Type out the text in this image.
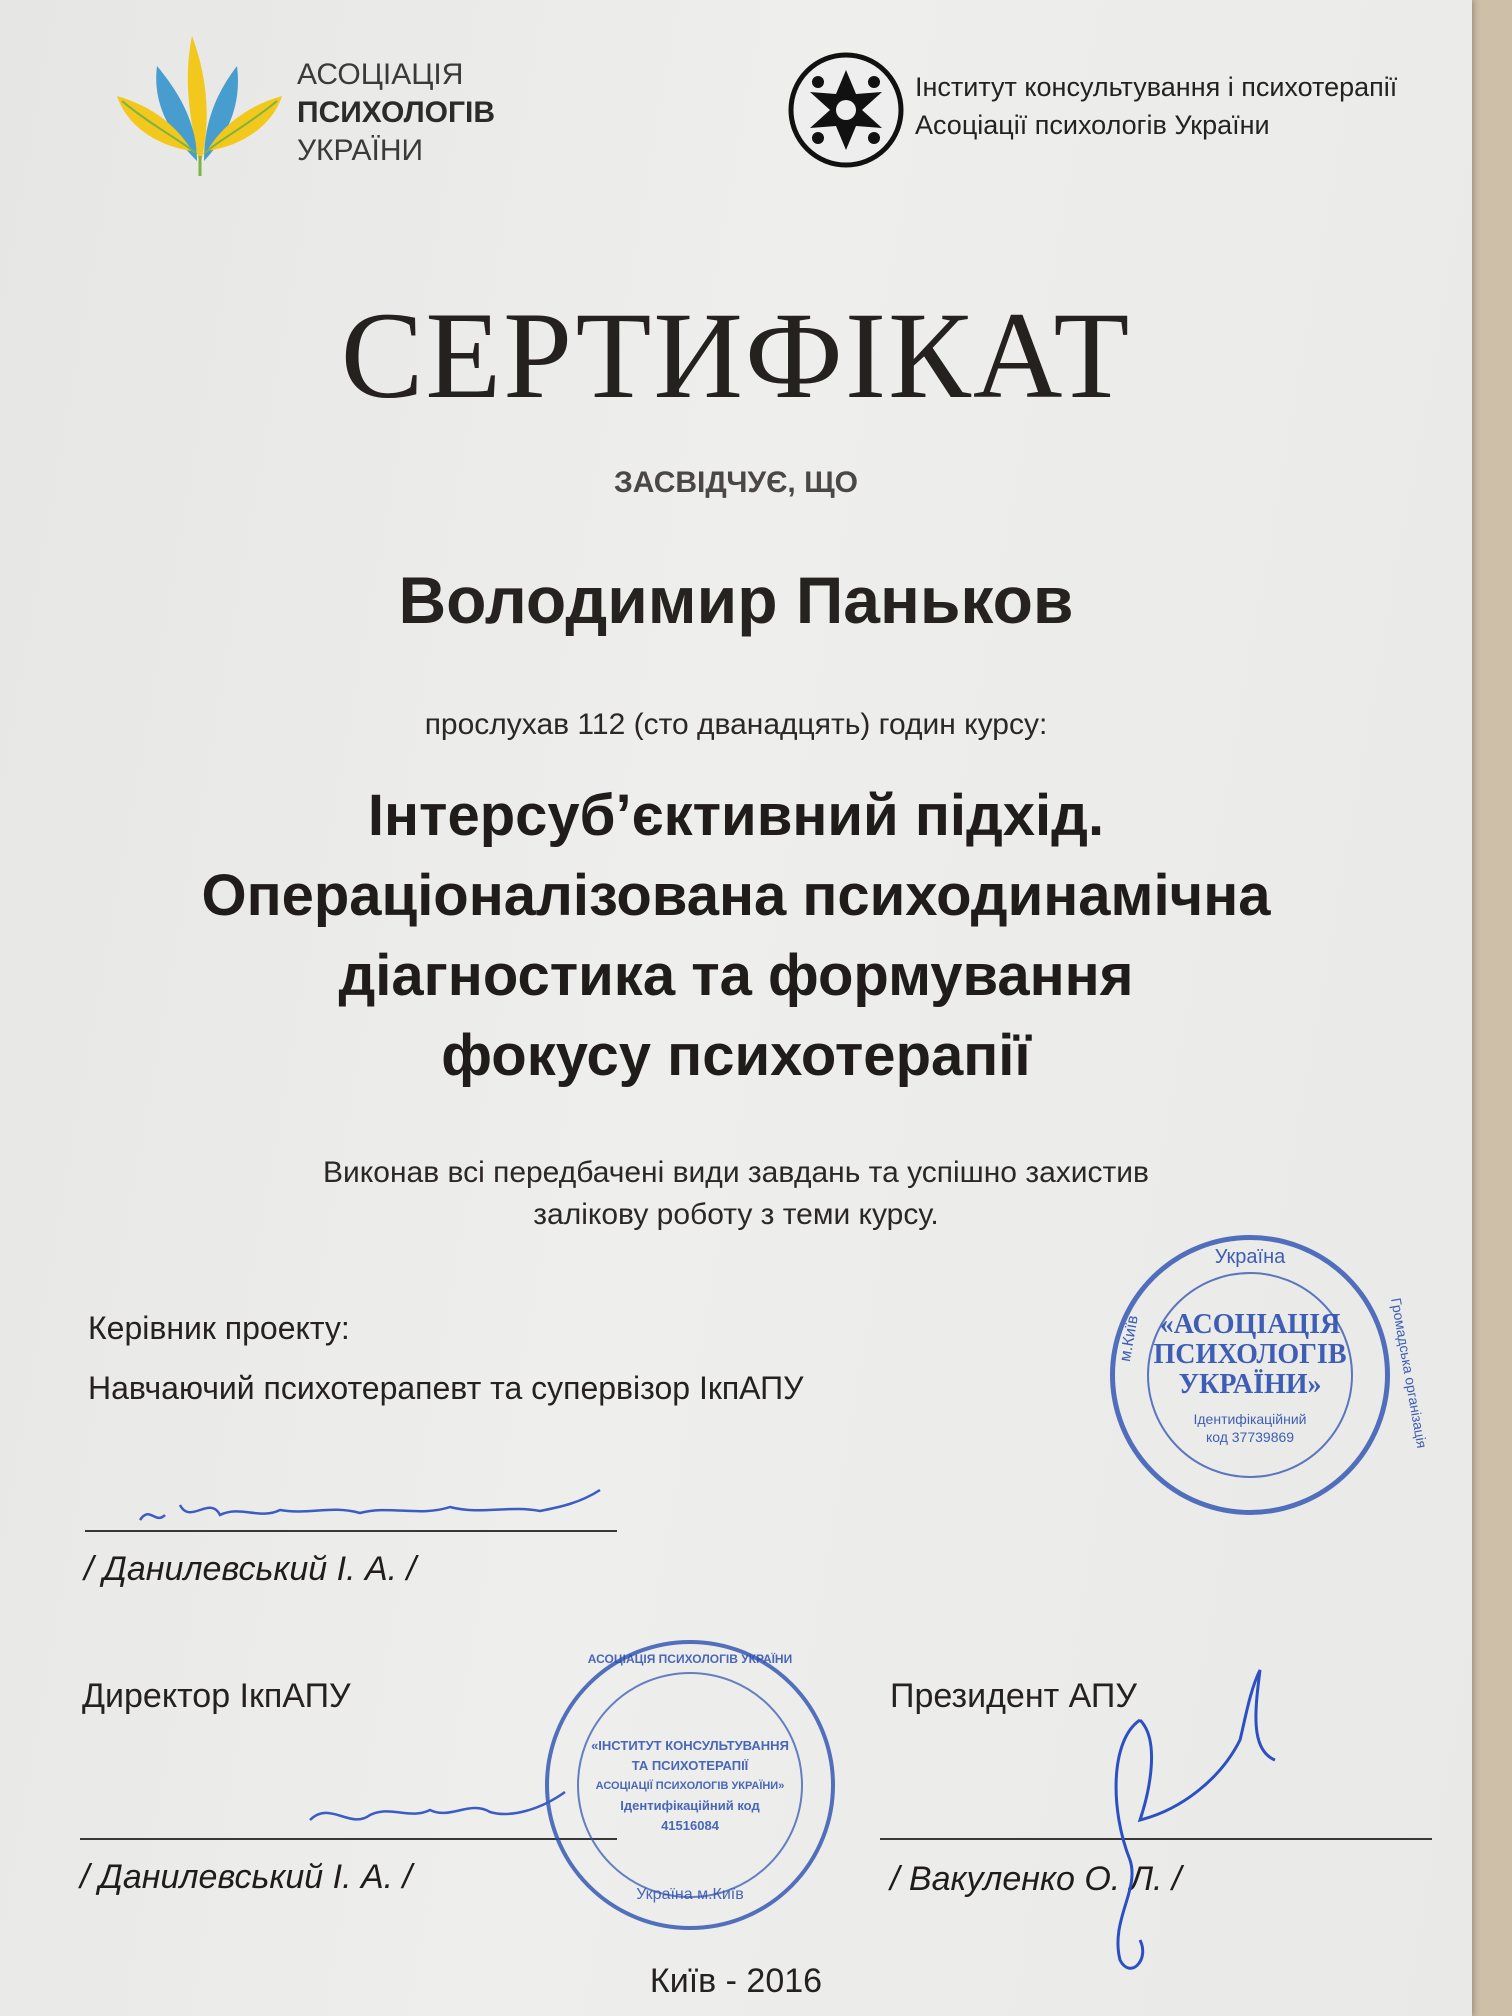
АСОЦІАЦІЯ
ПСИХОЛОГІВ
УКРАЇНИ
Інститут консультування і психотерапії
Асоціації психологів України
СЕРТИФІКАТ
ЗАСВІДЧУЄ, ЩО
Володимир Паньков
прослухав 112 (сто дванадцять) годин курсу:
Інтерсуб’єктивний підхід.
Операціоналізована психодинамічна
діагностика та формування
фокусу психотерапії
Виконав всі передбачені види завдань та успішно захистив
залікову роботу з теми курсу.
Керівник проекту:
Навчаючий психотерапевт та супервізор ІкпАПУ
/ Данилевський І. А. /
Директор ІкпАПУ
/ Данилевський І. А. /
Президент АПУ
/ Вакуленко О. Л. /
АСОЦІАЦІЯ ПСИХОЛОГІВ УКРАЇНИ
«ІНСТИТУТ КОНСУЛЬТУВАННЯ
ТА ПСИХОТЕРАПІЇ
АСОЦІАЦІЇ ПСИХОЛОГІВ УКРАЇНИ»
Ідентифікаційний код
41516084
Україна м.Київ
Україна
«АСОЦІАЦІЯ
ПСИХОЛОГІВ
УКРАЇНИ»
Ідентифікаційний
код 37739869
м.Київ	Громадська організація
Київ - 2016
